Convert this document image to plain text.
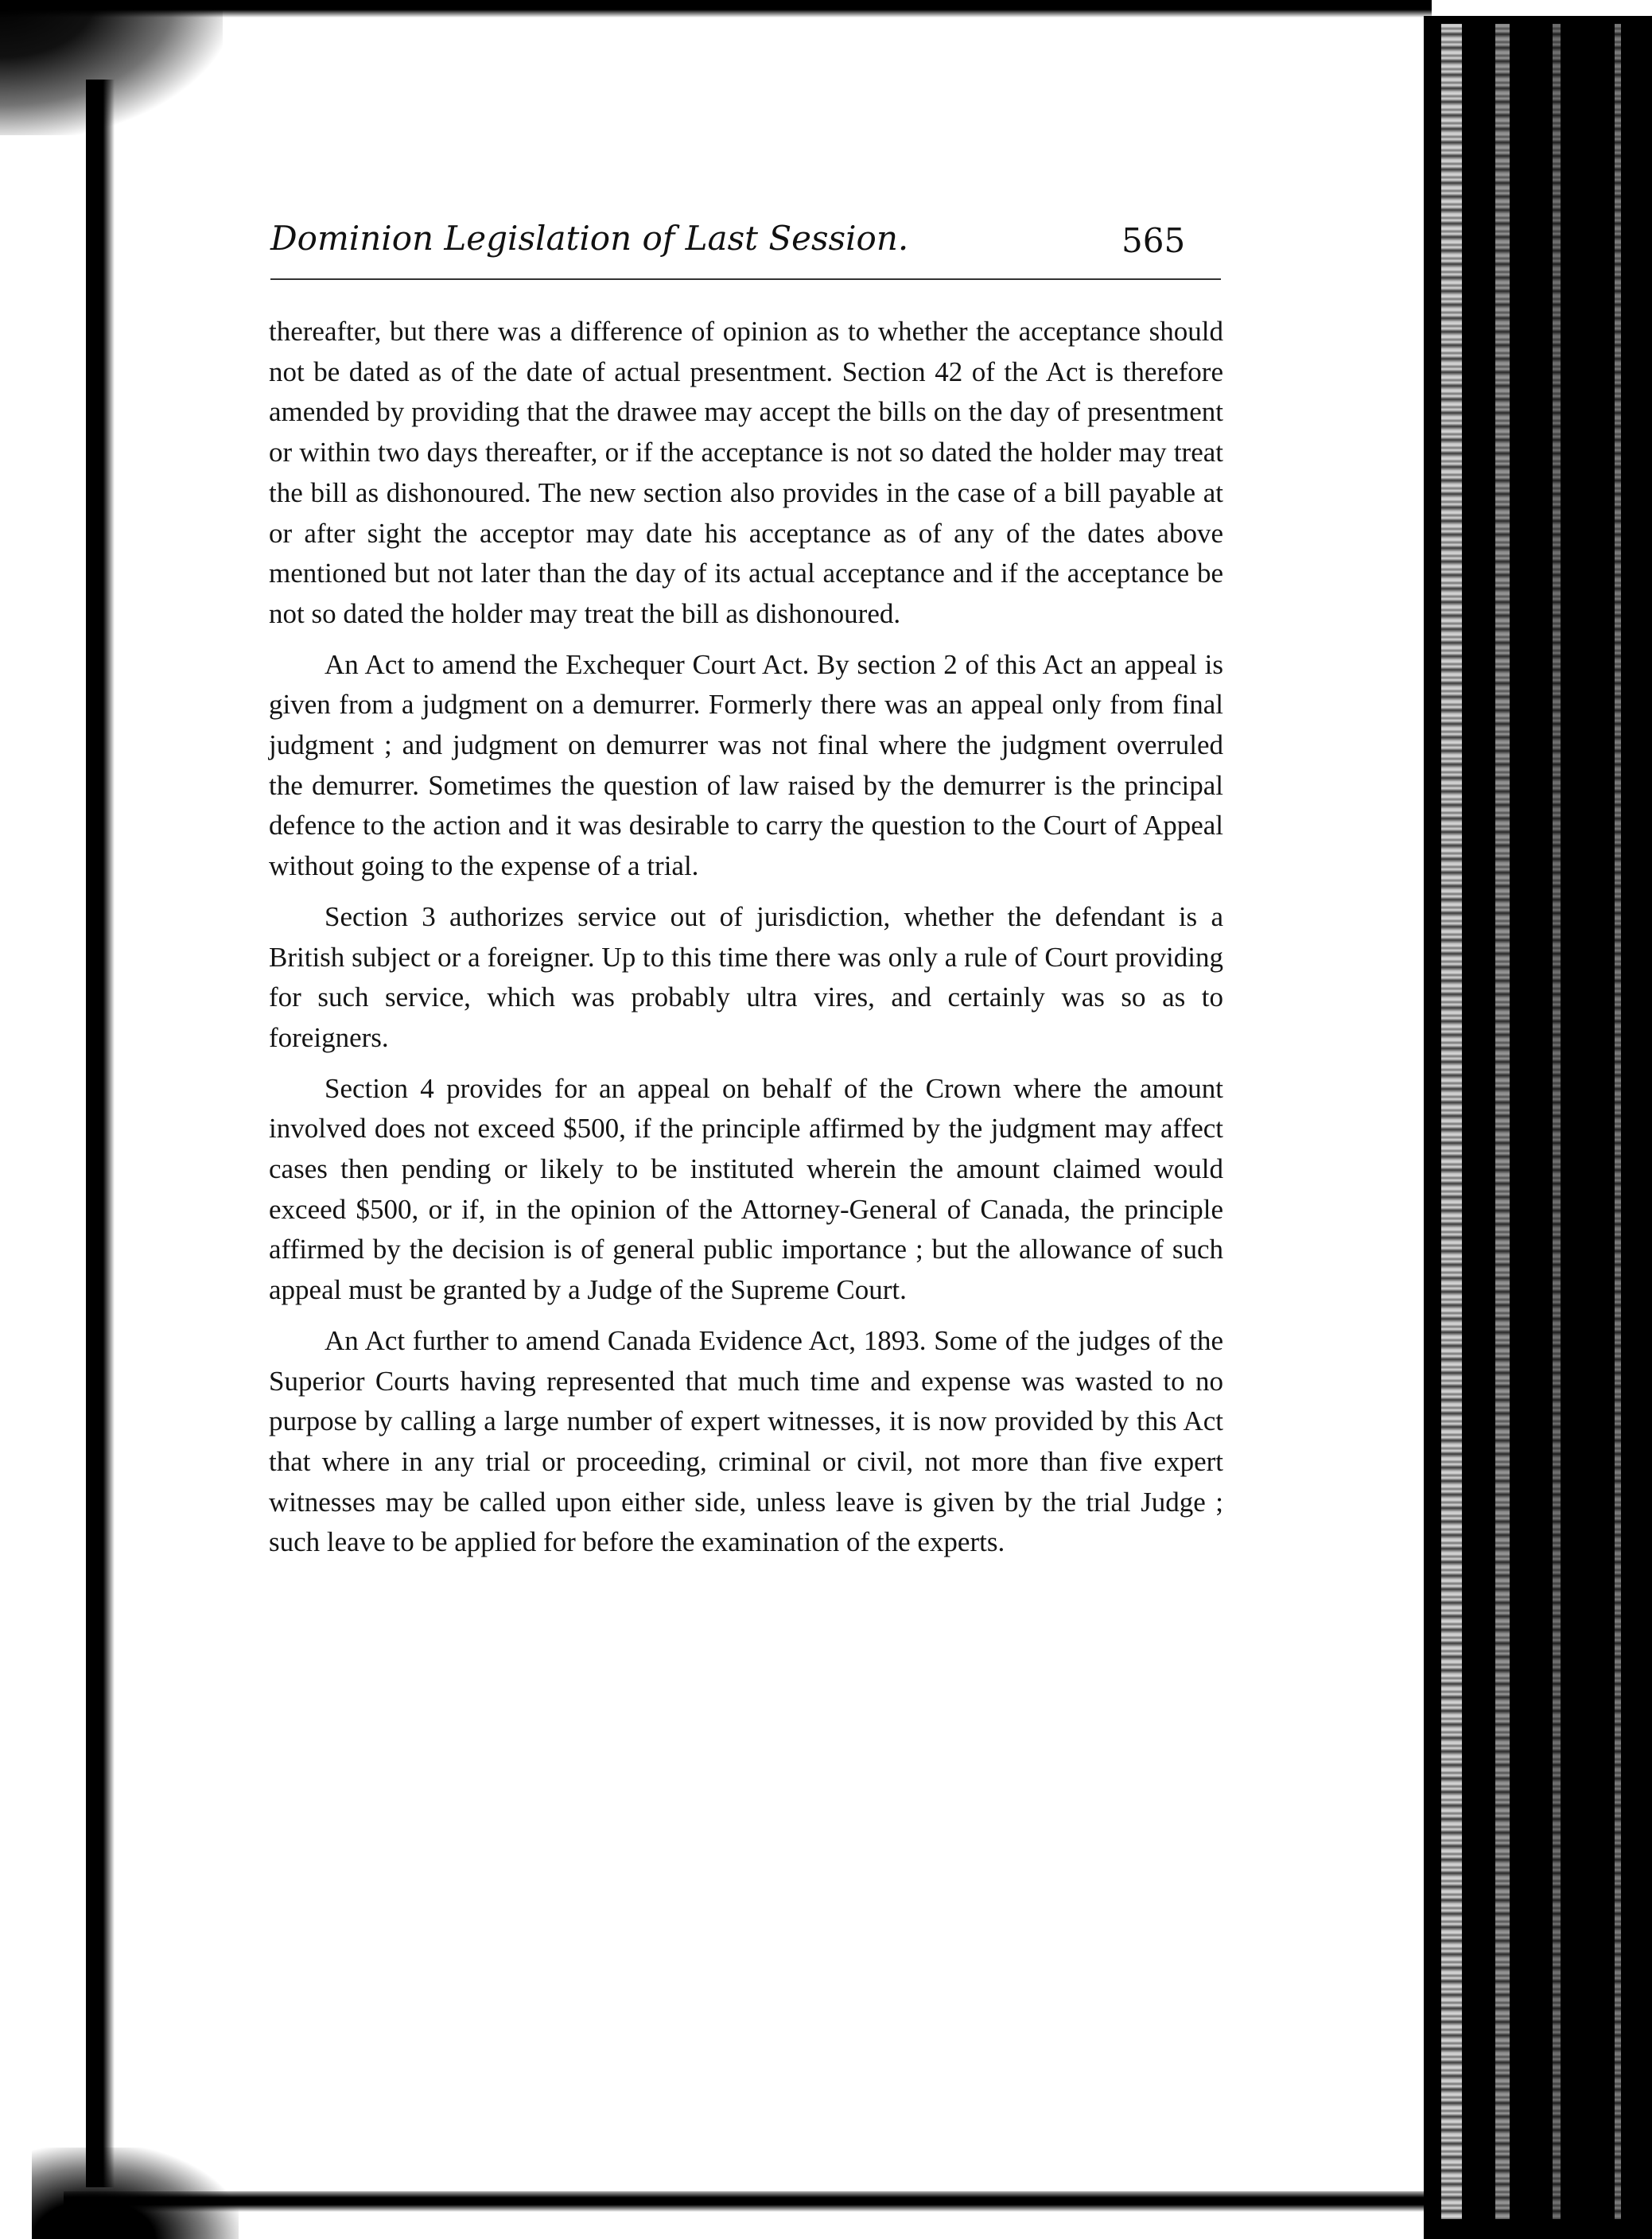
Dominion Legislation of Last Session.	565

thereafter, but there was a difference of opinion as to whether the acceptance should not be dated as of the date of actual presentment. Section 42 of the Act is therefore amended by providing that the drawee may accept the bills on the day of presentment or within two days thereafter, or if the acceptance is not so dated the holder may treat the bill as dishonoured. The new section also provides in the case of a bill payable at or after sight the acceptor may date his acceptance as of any of the dates above mentioned but not later than the day of its actual acceptance and if the acceptance be not so dated the holder may treat the bill as dishonoured.

An Act to amend the Exchequer Court Act. By section 2 of this Act an appeal is given from a judgment on a demurrer. Formerly there was an appeal only from final judgment ; and judgment on demurrer was not final where the judgment overruled the demurrer. Sometimes the question of law raised by the demurrer is the principal defence to the action and it was desirable to carry the question to the Court of Appeal without going to the expense of a trial.

Section 3 authorizes service out of jurisdiction, whether the defendant is a British subject or a foreigner. Up to this time there was only a rule of Court providing for such service, which was probably ultra vires, and certainly was so as to foreigners.

Section 4 provides for an appeal on behalf of the Crown where the amount involved does not exceed $500, if the principle affirmed by the judgment may affect cases then pending or likely to be instituted wherein the amount claimed would exceed $500, or if, in the opinion of the Attorney-General of Canada, the principle affirmed by the decision is of general public importance ; but the allowance of such appeal must be granted by a Judge of the Supreme Court.

An Act further to amend Canada Evidence Act, 1893. Some of the judges of the Superior Courts having represented that much time and expense was wasted to no purpose by calling a large number of expert witnesses, it is now provided by this Act that where in any trial or proceeding, criminal or civil, not more than five expert witnesses may be called upon either side, unless leave is given by the trial Judge ; such leave to be applied for before the examination of the experts.
